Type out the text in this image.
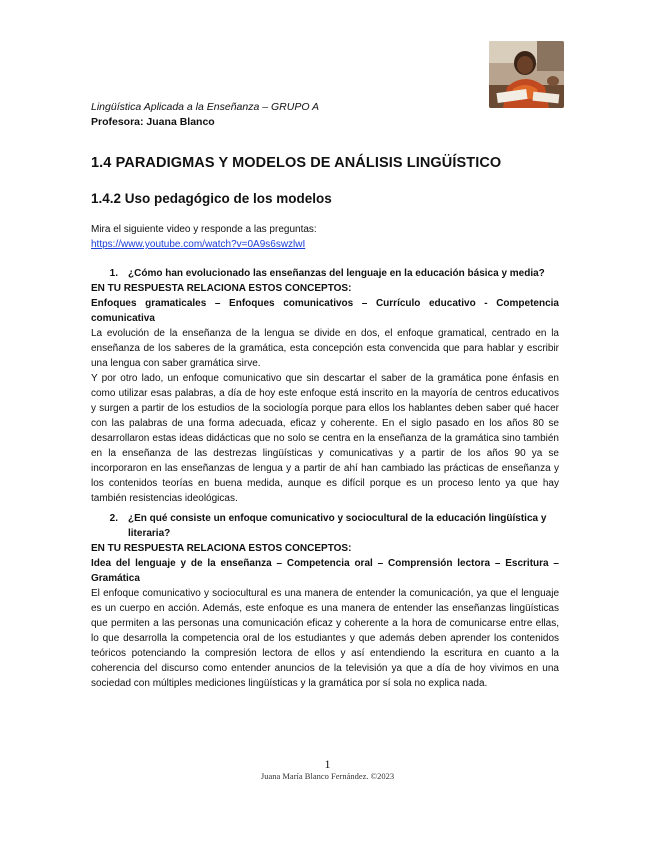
Lingüística Aplicada a la Enseñanza – GRUPO A
Profesora: Juana Blanco
1.4 PARADIGMAS Y MODELOS DE ANÁLISIS LINGÜÍSTICO
1.4.2 Uso pedagógico de los modelos
Mira el siguiente video y responde a las preguntas:
https://www.youtube.com/watch?v=0A9s6swzlwI
1.	¿Cómo han evolucionado las enseñanzas del lenguaje en la educación básica y media?

EN TU RESPUESTA RELACIONA ESTOS CONCEPTOS:

Enfoques gramaticales – Enfoques comunicativos – Currículo educativo - Competencia comunicativa

La evolución de la enseñanza de la lengua se divide en dos, el enfoque gramatical, centrado en la enseñanza de los saberes de la gramática, esta concepción esta convencida que para hablar y escribir una lengua con saber gramática sirve.

Y por otro lado, un enfoque comunicativo que sin descartar el saber de la gramática pone énfasis en como utilizar esas palabras, a día de hoy este enfoque está inscrito en la mayoría de centros educativos y surgen a partir de los estudios de la sociología porque para ellos los hablantes deben saber qué hacer con las palabras de una forma adecuada, eficaz y coherente. En el siglo pasado en los años 80 se desarrollaron estas ideas didácticas que no solo se centra en la enseñanza de la gramática sino también en la enseñanza de las destrezas lingüísticas y comunicativas y a partir de los años 90 ya se incorporaron en las enseñanzas de lengua y a partir de ahí han cambiado las prácticas de enseñanza y los contenidos teorías en buena medida, aunque es difícil porque es un proceso lento ya que hay también resistencias ideológicas.

2.	¿En qué consiste un enfoque comunicativo y sociocultural de la educación lingüística y literaria?

EN TU RESPUESTA RELACIONA ESTOS CONCEPTOS:

Idea del lenguaje y de la enseñanza – Competencia oral – Comprensión lectora – Escritura – Gramática

El enfoque comunicativo y sociocultural es una manera de entender la comunicación, ya que el lenguaje es un cuerpo en acción. Además, este enfoque es una manera de entender las enseñanzas lingüísticas que permiten a las personas una comunicación eficaz y coherente a la hora de comunicarse entre ellas, lo que desarrolla la competencia oral de los estudiantes y que además deben aprender los contenidos teóricos potenciando la compresión lectora de ellos y así entendiendo la escritura en cuanto a la coherencia del discurso como entender anuncios de la televisión ya que a día de hoy vivimos en una sociedad con múltiples mediciones lingüísticas y la gramática por sí sola no explica nada.

1
Juana María Blanco Fernández. ©2023
